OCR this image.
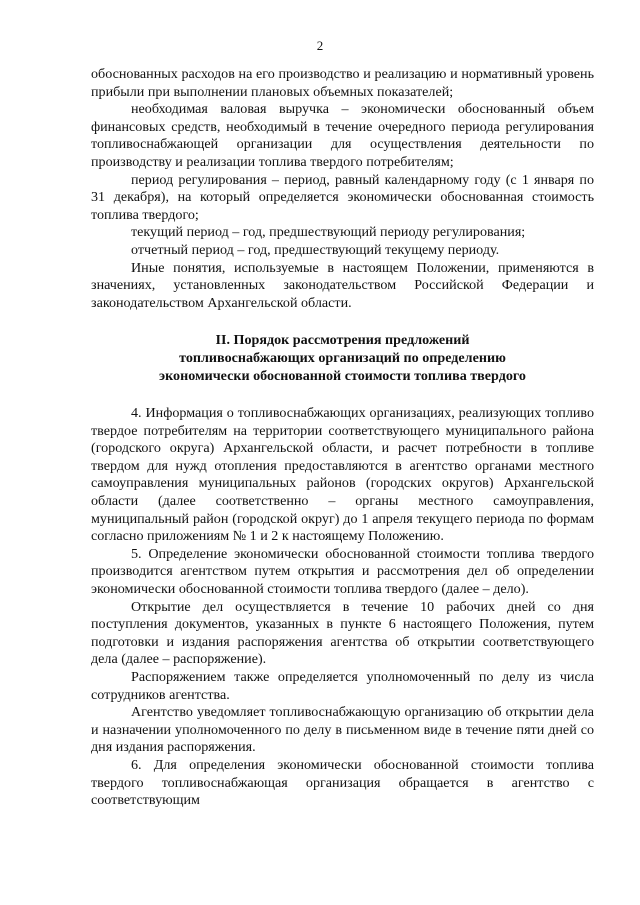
2

обоснованных расходов на его производство и реализацию и нормативный уровень прибыли при выполнении плановых объемных показателей;

необходимая валовая выручка – экономически обоснованный объем финансовых средств, необходимый в течение очередного периода регулирования топливоснабжающей организации для осуществления деятельности по производству и реализации топлива твердого потребителям;

период регулирования – период, равный календарному году (с 1 января по 31 декабря), на который определяется экономически обоснованная стоимость топлива твердого;

текущий период – год, предшествующий периоду регулирования;

отчетный период – год, предшествующий текущему периоду.

Иные понятия, используемые в настоящем Положении, применяются в значениях, установленных законодательством Российской Федерации и законодательством Архангельской области.

II. Порядок рассмотрения предложений
топливоснабжающих организаций по определению
экономически обоснованной стоимости топлива твердого

4. Информация о топливоснабжающих организациях, реализующих топливо твердое потребителям на территории соответствующего муниципального района (городского округа) Архангельской области, и расчет потребности в топливе твердом для нужд отопления предоставляются в агентство органами местного самоуправления муниципальных районов (городских округов) Архангельской области (далее соответственно – органы местного самоуправления, муниципальный район (городской округ) до 1 апреля текущего периода по формам согласно приложениям № 1 и 2 к настоящему Положению.

5. Определение экономически обоснованной стоимости топлива твердого производится агентством путем открытия и рассмотрения дел об определении экономически обоснованной стоимости топлива твердого (далее – дело).

Открытие дел осуществляется в течение 10 рабочих дней со дня поступления документов, указанных в пункте 6 настоящего Положения, путем подготовки и издания распоряжения агентства об открытии соответствующего дела (далее – распоряжение).

Распоряжением также определяется уполномоченный по делу из числа сотрудников агентства.

Агентство уведомляет топливоснабжающую организацию об открытии дела и назначении уполномоченного по делу в письменном виде в течение пяти дней со дня издания распоряжения.

6. Для определения экономически обоснованной стоимости топлива твердого топливоснабжающая организация обращается в агентство с соответствующим
